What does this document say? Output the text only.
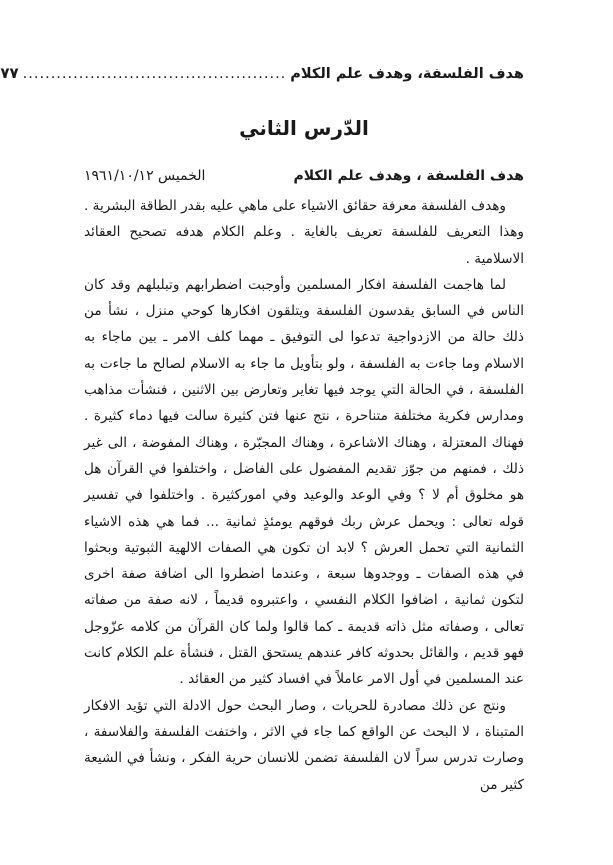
هدف الفلسفة، وهدف علم الكلام
...............................................
٧٧
الدّرس الثاني
هدف الفلسفة ، وهدف علم الكلام
الخميس ١٩٦١/١٠/١٢

وهدف الفلسفة معرفة حقائق الاشياء على ماهي عليه بقدر الطاقة البشرية . وهذا التعريف للفلسفة تعريف بالغاية . وعلم الكلام هدفه تصحيح العقائد الاسلامية .

لما هاجمت الفلسفة افكار المسلمين وأوجبت اضطرابهم وتبلبلهم وقد كان الناس في السابق يقدسون الفلسفة ويتلقون افكارها كوحي منزل ، نشأ من ذلك حالة من الازدواجية تدعوا لى التوفيق ـ مهما كلف الامر ـ بين ماجاء به الاسلام وما جاءت به الفلسفة ، ولو بتأويل ما جاء به الاسلام لصالح ما جاءت به الفلسفة ، في الحالة التي يوجد فيها تغاير وتعارض بين الاثنين ، فنشأت مذاهب ومدارس فكرية مختلفة متناحرة ، نتج عنها فتن كثيرة سالت فيها دماء كثيرة . فهناك المعتزلة ، وهناك الاشاعرة ، وهناك المجبّرة ، وهناك المفوضة ، الى غير ذلك ، فمنهم من جوّز تقديم المفضول على الفاضل ، واختلفوا في القرآن هل هو مخلوق أم لا ؟ وفي الوعد والوعيد وفي اموركثيرة . واختلفوا في تفسير قوله تعالى : ويحمل عرش ربك فوقهم يومئذٍ ثمانية ... فما هي هذه الاشياء الثمانية التي تحمل العرش ؟ لابد ان تكون هي الصفات الالهية الثبوتية وبحثوا في هذه الصفات ـ ووجدوها سبعة ، وعندما اضطروا الى اضافة صفة اخرى لتكون ثمانية ، اضافوا الكلام النفسي ، واعتبروه قديماً ، لانه صفة من صفاته تعالى ، وصفاته مثل ذاته قديمة ـ كما قالوا ولما كان القرآن من كلامه عزّوجل فهو قديم ، والقائل بحدوثه كافر عندهم يستحق القتل ، فنشأة علم الكلام كانت عند المسلمين في أول الامر عاملاً في افساد كثير من العقائد .

ونتج عن ذلك مصادرة للحريات ، وصار البحث حول الادلة التي تؤيد الافكار المتبناة ، لا البحث عن الواقع كما جاء في الاثر ، واختفت الفلسفة والفلاسفة ، وصارت تدرس سراً لان الفلسفة تضمن للانسان حرية الفكر ، ونشأ في الشيعة كثير من
